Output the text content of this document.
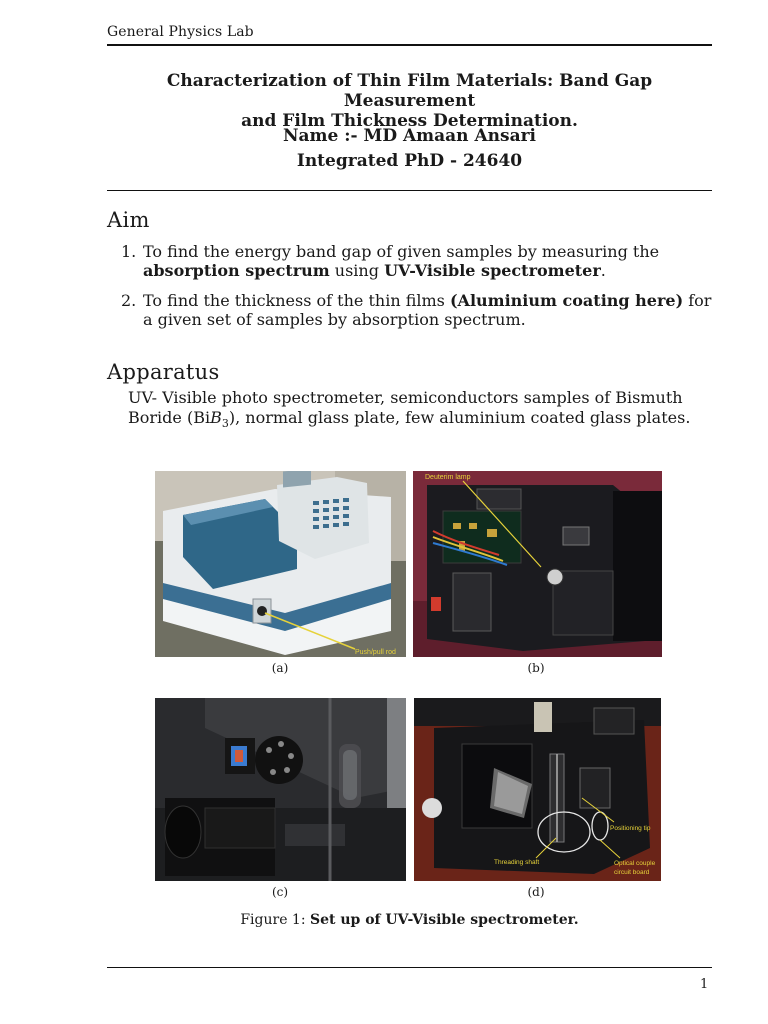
General Physics Lab
Characterization of Thin Film Materials: Band Gap Measurement
and Film Thickness Determination.
Name :- MD Amaan Ansari
Integrated PhD - 24640
Aim
1. To find the energy band gap of given samples by measuring the absorption spectrum using UV-Visible spectrometer.
2. To find the thickness of the thin films (Aluminium coating here) for a given set of samples by absorption spectrum.
Apparatus
UV- Visible photo spectrometer, semiconductors samples of Bismuth Boride (BiB$_3$), normal glass plate, few aluminium coated glass plates.
Push/pull rod
(a)
Deuterim lamp
(b)
(c)
Positioning tip
Threading shaft	Optical couple
circuit board
(d)
Figure 1: Set up of UV-Visible spectrometer.
1
